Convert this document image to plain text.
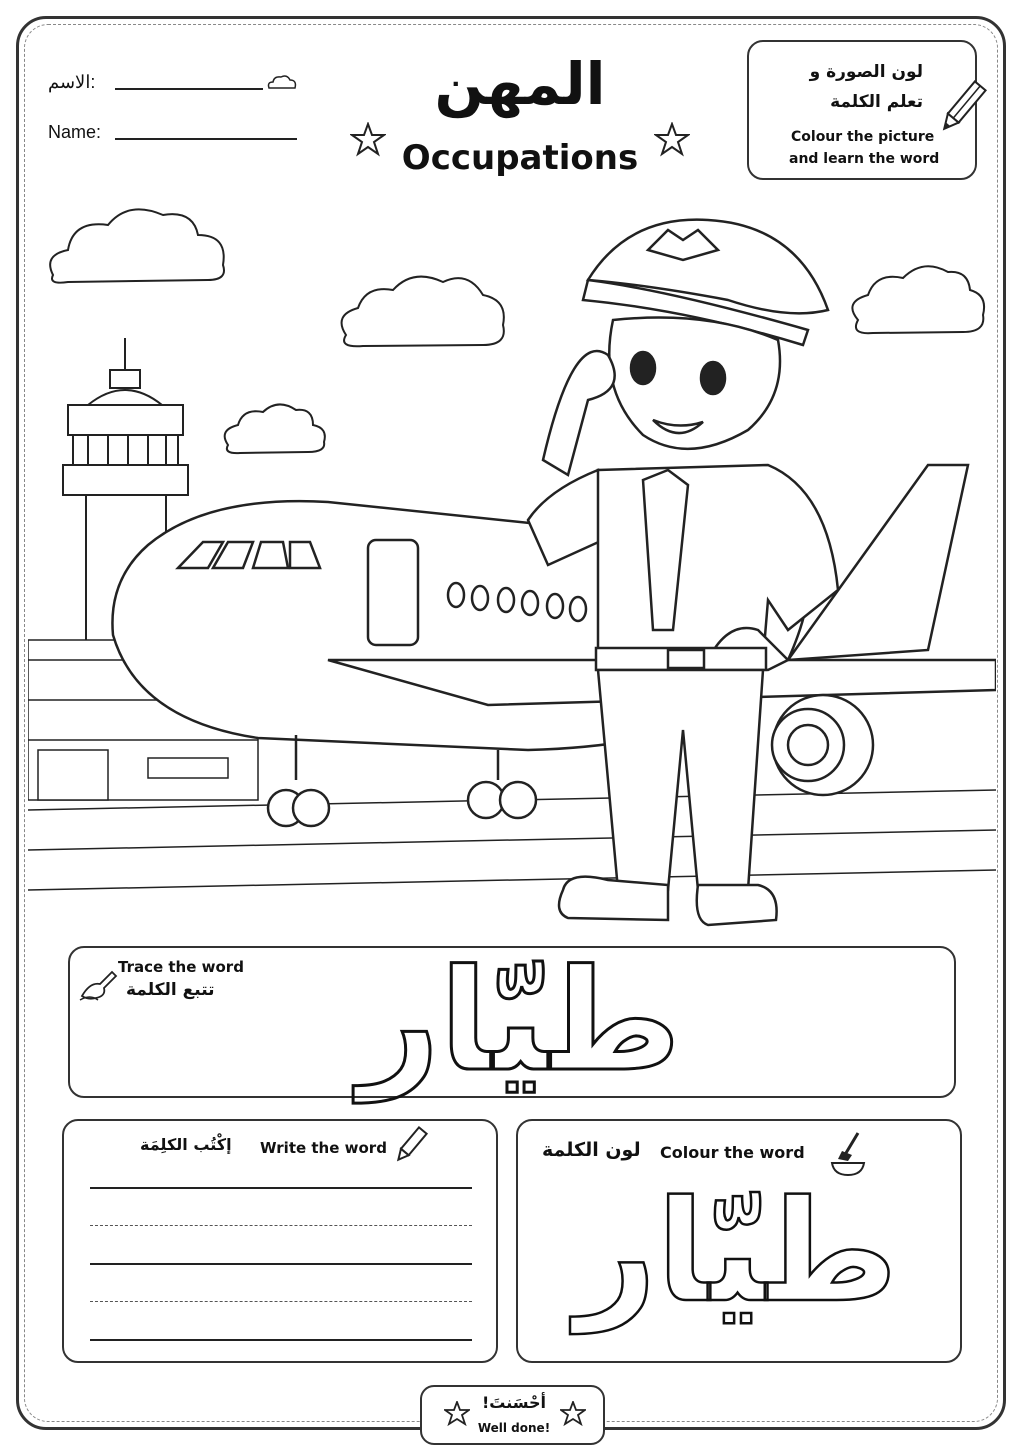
الاسم:
Name:
المهن
Occupations
لون الصورة و
تعلم الكلمة
Colour the picture
and learn the word
Trace the word
تتبع الكلمة طيّار
إكْتُب الكلِمَة Write the word	لون الكلمة Colour the word
طيّار
أحْسَنتَ!
Well done!
